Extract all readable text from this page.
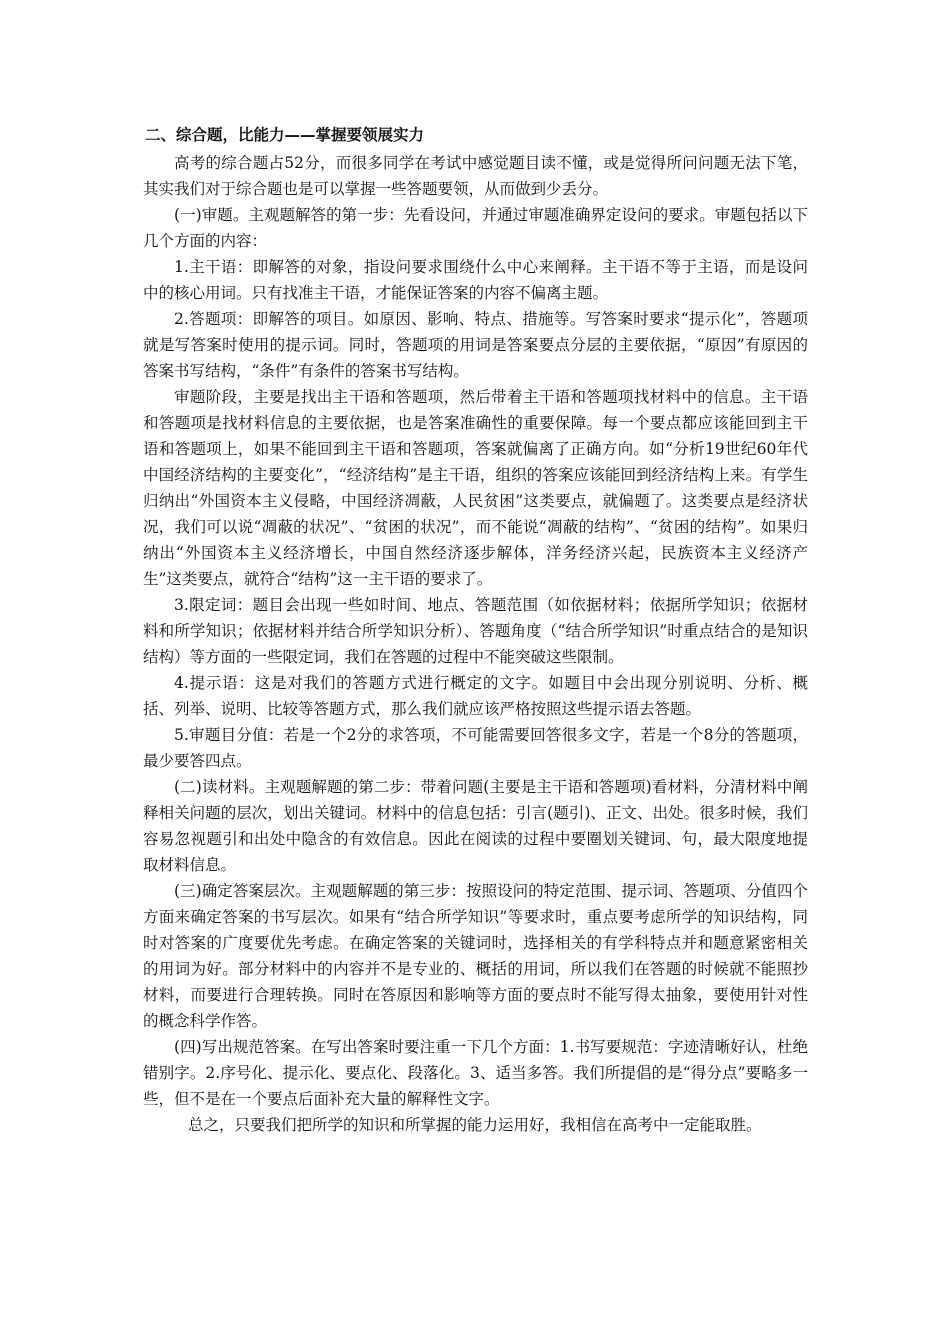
二、综合题，比能力——掌握要领展实力

高考的综合题占52分，而很多同学在考试中感觉题目读不懂，或是觉得所问问题无法下笔，其实我们对于综合题也是可以掌握一些答题要领，从而做到少丢分。

(一)审题。主观题解答的第一步：先看设问，并通过审题准确界定设问的要求。审题包括以下几个方面的内容：

1.主干语：即解答的对象，指设问要求围绕什么中心来阐释。主干语不等于主语，而是设问中的核心用词。只有找准主干语，才能保证答案的内容不偏离主题。

2.答题项：即解答的项目。如原因、影响、特点、措施等。写答案时要求“提示化”，答题项就是写答案时使用的提示词。同时，答题项的用词是答案要点分层的主要依据，“原因”有原因的答案书写结构，“条件”有条件的答案书写结构。

审题阶段，主要是找出主干语和答题项，然后带着主干语和答题项找材料中的信息。主干语和答题项是找材料信息的主要依据，也是答案准确性的重要保障。每一个要点都应该能回到主干语和答题项上，如果不能回到主干语和答题项，答案就偏离了正确方向。如“分析19世纪60年代中国经济结构的主要变化”，“经济结构”是主干语，组织的答案应该能回到经济结构上来。有学生归纳出“外国资本主义侵略，中国经济凋蔽，人民贫困”这类要点，就偏题了。这类要点是经济状况，我们可以说“凋蔽的状况”、“贫困的状况”，而不能说“凋蔽的结构”、“贫困的结构”。如果归纳出“外国资本主义经济增长，中国自然经济逐步解体，洋务经济兴起，民族资本主义经济产生”这类要点，就符合“结构”这一主干语的要求了。

3.限定词：题目会出现一些如时间、地点、答题范围（如依据材料；依据所学知识；依据材料和所学知识；依据材料并结合所学知识分析）、答题角度（“结合所学知识”时重点结合的是知识结构）等方面的一些限定词，我们在答题的过程中不能突破这些限制。

4.提示语：这是对我们的答题方式进行概定的文字。如题目中会出现分别说明、分析、概括、列举、说明、比较等答题方式，那么我们就应该严格按照这些提示语去答题。

5.审题目分值：若是一个2分的求答项，不可能需要回答很多文字，若是一个8分的答题项，最少要答四点。

(二)读材料。主观题解题的第二步：带着问题(主要是主干语和答题项)看材料，分清材料中阐释相关问题的层次，划出关键词。材料中的信息包括：引言(题引)、正文、出处。很多时候，我们容易忽视题引和出处中隐含的有效信息。因此在阅读的过程中要圈划关键词、句，最大限度地提取材料信息。

(三)确定答案层次。主观题解题的第三步：按照设问的特定范围、提示词、答题项、分值四个方面来确定答案的书写层次。如果有“结合所学知识”等要求时，重点要考虑所学的知识结构，同时对答案的广度要优先考虑。在确定答案的关键词时，选择相关的有学科特点并和题意紧密相关的用词为好。部分材料中的内容并不是专业的、概括的用词，所以我们在答题的时候就不能照抄材料，而要进行合理转换。同时在答原因和影响等方面的要点时不能写得太抽象，要使用针对性的概念科学作答。

(四)写出规范答案。在写出答案时要注重一下几个方面：1.书写要规范：字迹清晰好认，杜绝错别字。2.序号化、提示化、要点化、段落化。3、适当多答。我们所提倡的是“得分点”要略多一些，但不是在一个要点后面补充大量的解释性文字。

总之，只要我们把所学的知识和所掌握的能力运用好，我相信在高考中一定能取胜。
